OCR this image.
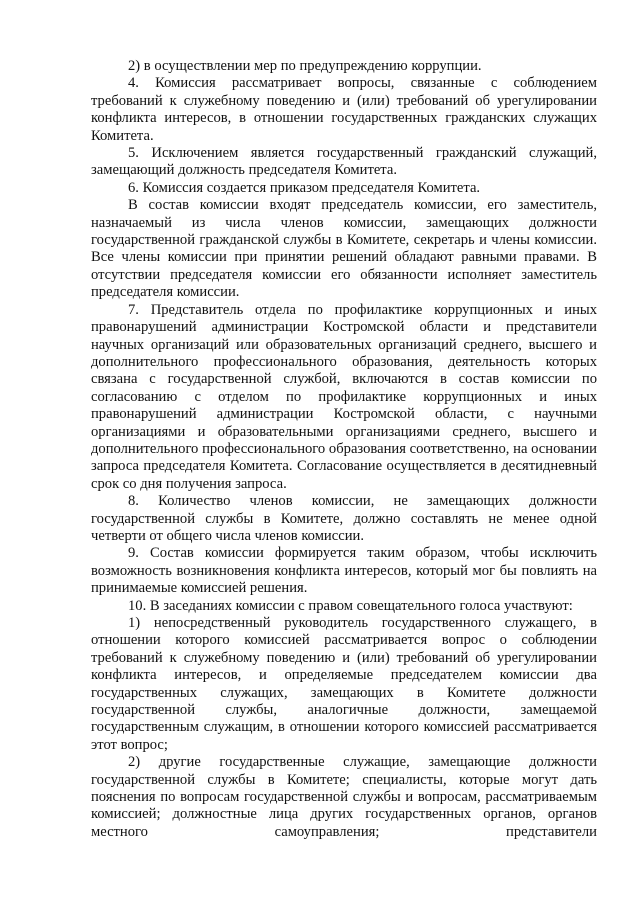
2) в осуществлении мер по предупреждению коррупции.

4. Комиссия рассматривает вопросы, связанные с соблюдением требований к служебному поведению и (или) требований об урегулировании конфликта интересов, в отношении государственных гражданских служащих Комитета.

5. Исключением является государственный гражданский служащий, замещающий должность председателя Комитета.

6. Комиссия создается приказом председателя Комитета.

В состав комиссии входят председатель комиссии, его заместитель, назначаемый из числа членов комиссии, замещающих должности государственной гражданской службы в Комитете, секретарь и члены комиссии. Все члены комиссии при принятии решений обладают равными правами. В отсутствии председателя комиссии его обязанности исполняет заместитель председателя комиссии.

7. Представитель отдела по профилактике коррупционных и иных правонарушений администрации Костромской области и представители научных организаций или образовательных организаций среднего, высшего и дополнительного профессионального образования, деятельность которых связана с государственной службой, включаются в состав комиссии по согласованию с отделом по профилактике коррупционных и иных правонарушений администрации Костромской области, с научными организациями и образовательными организациями среднего, высшего и дополнительного профессионального образования соответственно, на основании запроса председателя Комитета. Согласование осуществляется в десятидневный срок со дня получения запроса.

8. Количество членов комиссии, не замещающих должности государственной службы в Комитете, должно составлять не менее одной четверти от общего числа членов комиссии.

9. Состав комиссии формируется таким образом, чтобы исключить возможность возникновения конфликта интересов, который мог бы повлиять на принимаемые комиссией решения.

10. В заседаниях комиссии с правом совещательного голоса участвуют:

1) непосредственный руководитель государственного служащего, в отношении которого комиссией рассматривается вопрос о соблюдении требований к служебному поведению и (или) требований об урегулировании конфликта интересов, и определяемые председателем комиссии два государственных служащих, замещающих в Комитете должности государственной службы, аналогичные должности, замещаемой государственным служащим, в отношении которого комиссией рассматривается этот вопрос;

2) другие государственные служащие, замещающие должности государственной службы в Комитете; специалисты, которые могут дать пояснения по вопросам государственной службы и вопросам, рассматриваемым комиссией; должностные лица других государственных органов, органов местного самоуправления; представители
